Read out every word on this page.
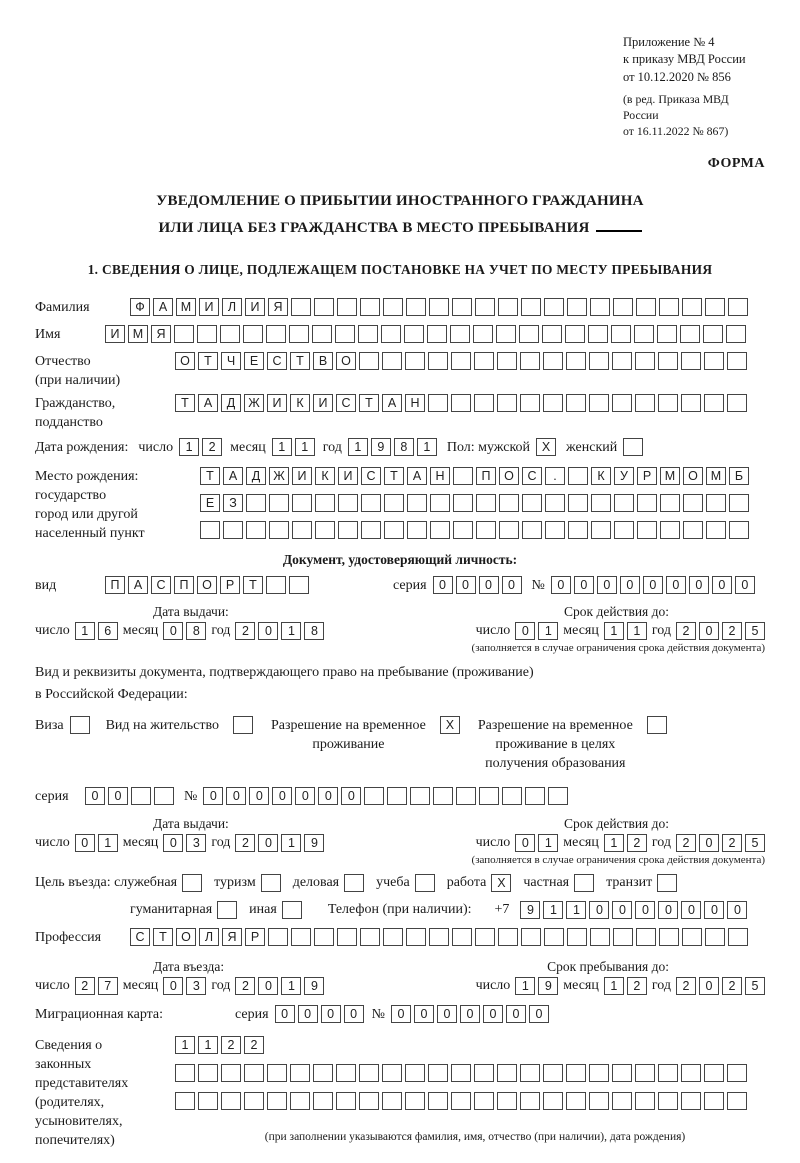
Приложение № 4
к приказу МВД России
от 10.12.2020 № 856
(в ред. Приказа МВД России
от 16.11.2022 № 867)
ФОРМА
УВЕДОМЛЕНИЕ О ПРИБЫТИИ ИНОСТРАННОГО ГРАЖДАНИНА
ИЛИ ЛИЦА БЕЗ ГРАЖДАНСТВА В МЕСТО ПРЕБЫВАНИЯ
1. СВЕДЕНИЯ О ЛИЦЕ, ПОДЛЕЖАЩЕМ ПОСТАНОВКЕ НА УЧЕТ ПО МЕСТУ ПРЕБЫВАНИЯ
Фамилия	Ф	А	М	И	Л	И	Я
Имя	И	М	Я
Отчество
(при наличии)
О	Т	Ч	Е	С	Т	В	О
Гражданство,
подданство
Т	А	Д	Ж	И	К	И	С	Т	А	Н
Дата рождения: число	1	2	месяц	1	1	год	1	9	8	1	Пол: мужской X	женский
Место рождения:
государство
город или другой
населенный пункт
Т	А	Д	Ж	И	К	И	С	Т	А	Н	П	О	С	.	К	У	Р	М	О	М	Б
Е	З
Документ, удостоверяющий личность:
вид	П	А	С	П	О	Р	Т	серия	0	0	0	0	№	0	0	0	0	0	0	0	0	0
Дата выдачи:	Срок действия до:
число 1	6 месяц 0	8 год 2	0	1	8	число 0	1 месяц 1	1 год 2	0	2	5
(заполняется в случае ограничения срока действия документа)
Вид и реквизиты документа, подтверждающего право на пребывание (проживание)
в Российской Федерации:
Виза	Вид на жительство	Разрешение на временное
проживание
X	Разрешение на временное
проживание в целях
получения образования
серия	0	0	№	0	0	0	0	0	0	0
Дата выдачи:	Срок действия до:
число 0	1 месяц 0	3 год 2	0	1	9	число 0	1 месяц 1	2 год 2	0	2	5
(заполняется в случае ограничения срока действия документа)
Цель въезда: служебная	туризм	деловая	учеба	работа X	частная	транзит
гуманитарная	иная	Телефон (при наличии): +7	9	1	1	0	0	0	0	0	0	0
Профессия	С	Т	О	Л	Я	Р
Дата въезда:	Срок пребывания до:
число 2	7 месяц 0	3 год 2	0	1	9	число 1	9 месяц 1	2 год 2	0	2	5
Миграционная карта:	серия	0	0	0	0	№	0	0	0	0	0	0	0
Сведения о
законных
представителях
(родителях,
усыновителях,
попечителях)
1	1	2	2
(при заполнении указываются фамилия, имя, отчество (при наличии), дата рождения)
